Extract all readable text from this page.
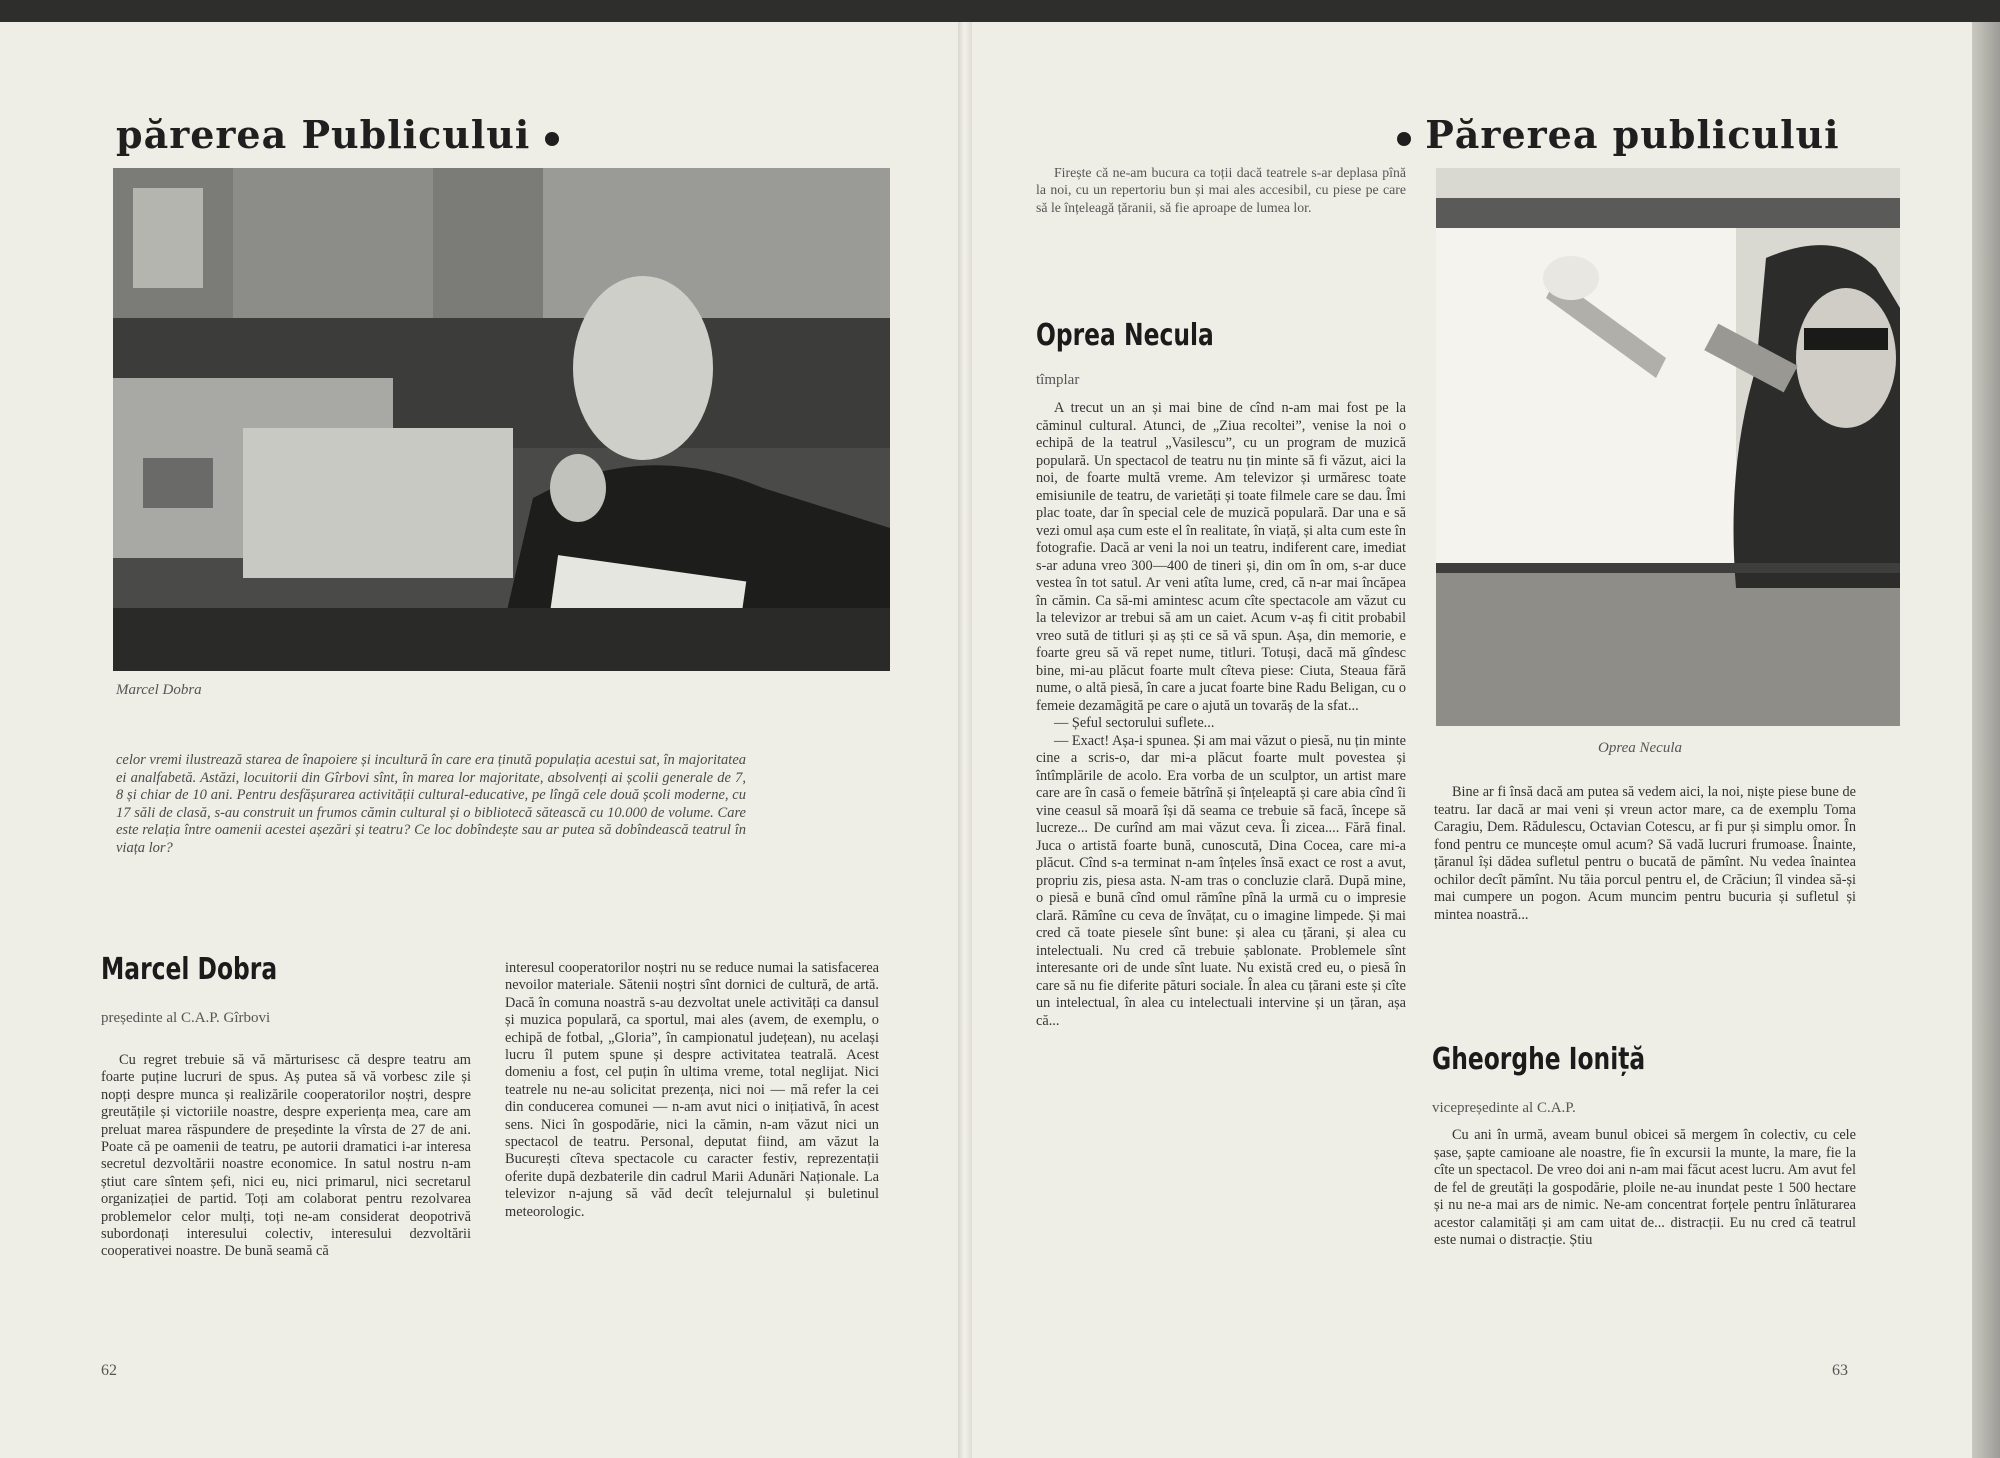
părerea Publicului
Marcel Dobra
celor vremi ilustrează starea de înapoiere și incultură în care era ținută populația acestui sat, în majoritatea ei analfabetă. Astăzi, locuitorii din Gîrbovi sînt, în marea lor majoritate, absolvenți ai școlii generale de 7, 8 și chiar de 10 ani. Pentru desfășurarea activității cultural-educative, pe lîngă cele două școli moderne, cu 17 săli de clasă, s-au construit un frumos cămin cultural și o bibliotecă sătească cu 10.000 de volume. Care este relația între oamenii acestei așezări și teatru? Ce loc dobîndește sau ar putea să dobîndească teatrul în viața lor?
Marcel Dobra
președinte al C.A.P. Gîrbovi

Cu regret trebuie să vă mărturisesc că despre teatru am foarte puține lucruri de spus. Aș putea să vă vorbesc zile și nopți despre munca și realizările cooperatorilor noștri, despre greutățile și victoriile noastre, despre experiența mea, care am preluat marea răspundere de președinte la vîrsta de 27 de ani. Poate că pe oamenii de teatru, pe autorii dramatici i-ar interesa secretul dezvoltării noastre economice. In satul nostru n-am știut care sîntem șefi, nici eu, nici primarul, nici secretarul organizației de partid. Toți am colaborat pentru rezolvarea problemelor celor mulți, toți ne-am considerat deopotrivă subordonați interesului colectiv, interesului dezvoltării cooperativei noastre. De bună seamă că

interesul cooperatorilor noștri nu se reduce numai la satisfacerea nevoilor materiale. Sătenii noștri sînt dornici de cultură, de artă. Dacă în comuna noastră s-au dezvoltat unele activități ca dansul și muzica populară, ca sportul, mai ales (avem, de exemplu, o echipă de fotbal, „Gloria”, în campionatul județean), nu același lucru îl putem spune și despre activitatea teatrală. Acest domeniu a fost, cel puțin în ultima vreme, total neglijat. Nici teatrele nu ne-au solicitat prezența, nici noi — mă refer la cei din conducerea comunei — n-am avut nici o inițiativă, în acest sens. Nici în gospodărie, nici la cămin, n-am văzut nici un spectacol de teatru. Personal, deputat fiind, am văzut la București cîteva spectacole cu caracter festiv, reprezentații oferite după dezbaterile din cadrul Marii Adunări Naționale. La televizor n-ajung să văd decît telejurnalul și buletinul meteorologic.

62
Părerea publicului

Firește că ne-am bucura ca toții dacă teatrele s-ar deplasa pînă la noi, cu un repertoriu bun și mai ales accesibil, cu piese pe care să le înțeleagă țăranii, să fie aproape de lumea lor.

Oprea Necula
tîmplar

A trecut un an și mai bine de cînd n-am mai fost pe la căminul cultural. Atunci, de „Ziua recoltei”, venise la noi o echipă de la teatrul „Vasilescu”, cu un program de muzică populară. Un spectacol de teatru nu țin minte să fi văzut, aici la noi, de foarte multă vreme. Am televizor și urmăresc toate emisiunile de teatru, de varietăți și toate filmele care se dau. Îmi plac toate, dar în special cele de muzică populară. Dar una e să vezi omul așa cum este el în realitate, în viață, și alta cum este în fotografie. Dacă ar veni la noi un teatru, indiferent care, imediat s-ar aduna vreo 300—400 de tineri și, din om în om, s-ar duce vestea în tot satul. Ar veni atîta lume, cred, că n-ar mai încăpea în cămin. Ca să-mi amintesc acum cîte spectacole am văzut cu la televizor ar trebui să am un caiet. Acum v-aș fi citit probabil vreo sută de titluri și aș ști ce să vă spun. Așa, din memorie, e foarte greu să vă repet nume, titluri. Totuși, dacă mă gîndesc bine, mi-au plăcut foarte mult cîteva piese: Ciuta, Steaua fără nume, o altă piesă, în care a jucat foarte bine Radu Beligan, cu o femeie dezamăgită pe care o ajută un tovarăș de la sfat...

— Șeful sectorului suflete...

— Exact! Așa-i spunea. Și am mai văzut o piesă, nu țin minte cine a scris-o, dar mi-a plăcut foarte mult povestea și întîmplările de acolo. Era vorba de un sculptor, un artist mare care are în casă o femeie bătrînă și înțeleaptă și care abia cînd îi vine ceasul să moară își dă seama ce trebuie să facă, începe să lucreze... De curînd am mai văzut ceva. Îi zicea.... Fără final. Juca o artistă foarte bună, cunoscută, Dina Cocea, care mi-a plăcut. Cînd s-a terminat n-am înțeles însă exact ce rost a avut, propriu zis, piesa asta. N-am tras o concluzie clară. După mine, o piesă e bună cînd omul rămîne pînă la urmă cu o impresie clară. Rămîne cu ceva de învățat, cu o imagine limpede. Și mai cred că toate piesele sînt bune: și alea cu țărani, și alea cu intelectuali. Nu cred că trebuie șablonate. Problemele sînt interesante ori de unde sînt luate. Nu există cred eu, o piesă în care să nu fie diferite pături sociale. În alea cu țărani este și cîte un intelectual, în alea cu intelectuali intervine și un țăran, așa că...

Oprea Necula

Bine ar fi însă dacă am putea să vedem aici, la noi, niște piese bune de teatru. Iar dacă ar mai veni și vreun actor mare, ca de exemplu Toma Caragiu, Dem. Rădulescu, Octavian Cotescu, ar fi pur și simplu omor. În fond pentru ce muncește omul acum? Să vadă lucruri frumoase. Înainte, țăranul își dădea sufletul pentru o bucată de pămînt. Nu vedea înaintea ochilor decît pămînt. Nu tăia porcul pentru el, de Crăciun; îl vindea să-și mai cumpere un pogon. Acum muncim pentru bucuria și sufletul și mintea noastră...

Gheorghe Ioniță
vicepreședinte al C.A.P.

Cu ani în urmă, aveam bunul obicei să mergem în colectiv, cu cele șase, șapte camioane ale noastre, fie în excursii la munte, la mare, fie la cîte un spectacol. De vreo doi ani n-am mai făcut acest lucru. Am avut fel de fel de greutăți la gospodărie, ploile ne-au inundat peste 1 500 hectare și nu ne-a mai ars de nimic. Ne-am concentrat forțele pentru înlăturarea acestor calamități și am cam uitat de... distracții. Eu nu cred că teatrul este numai o distracție. Știu

63
